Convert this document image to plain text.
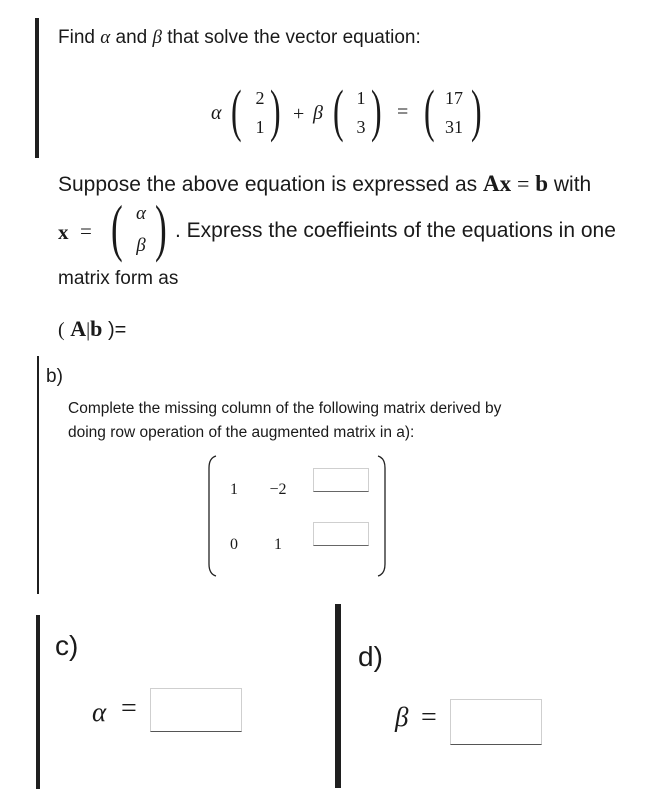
Find α and β that solve the vector equation:
α ( 2
1 ) + β ( 1
3 ) = ( 17
31 )
Suppose the above equation is expressed as Ax = b with
x = ( α
β ) . Express the coeffieints of the equations in one
matrix form as
( A|b )=
b)
Complete the missing column of the following matrix derived by
doing row operation of the augmented matrix in a):
1	−2
0	1
c)
α =
d)
β =
